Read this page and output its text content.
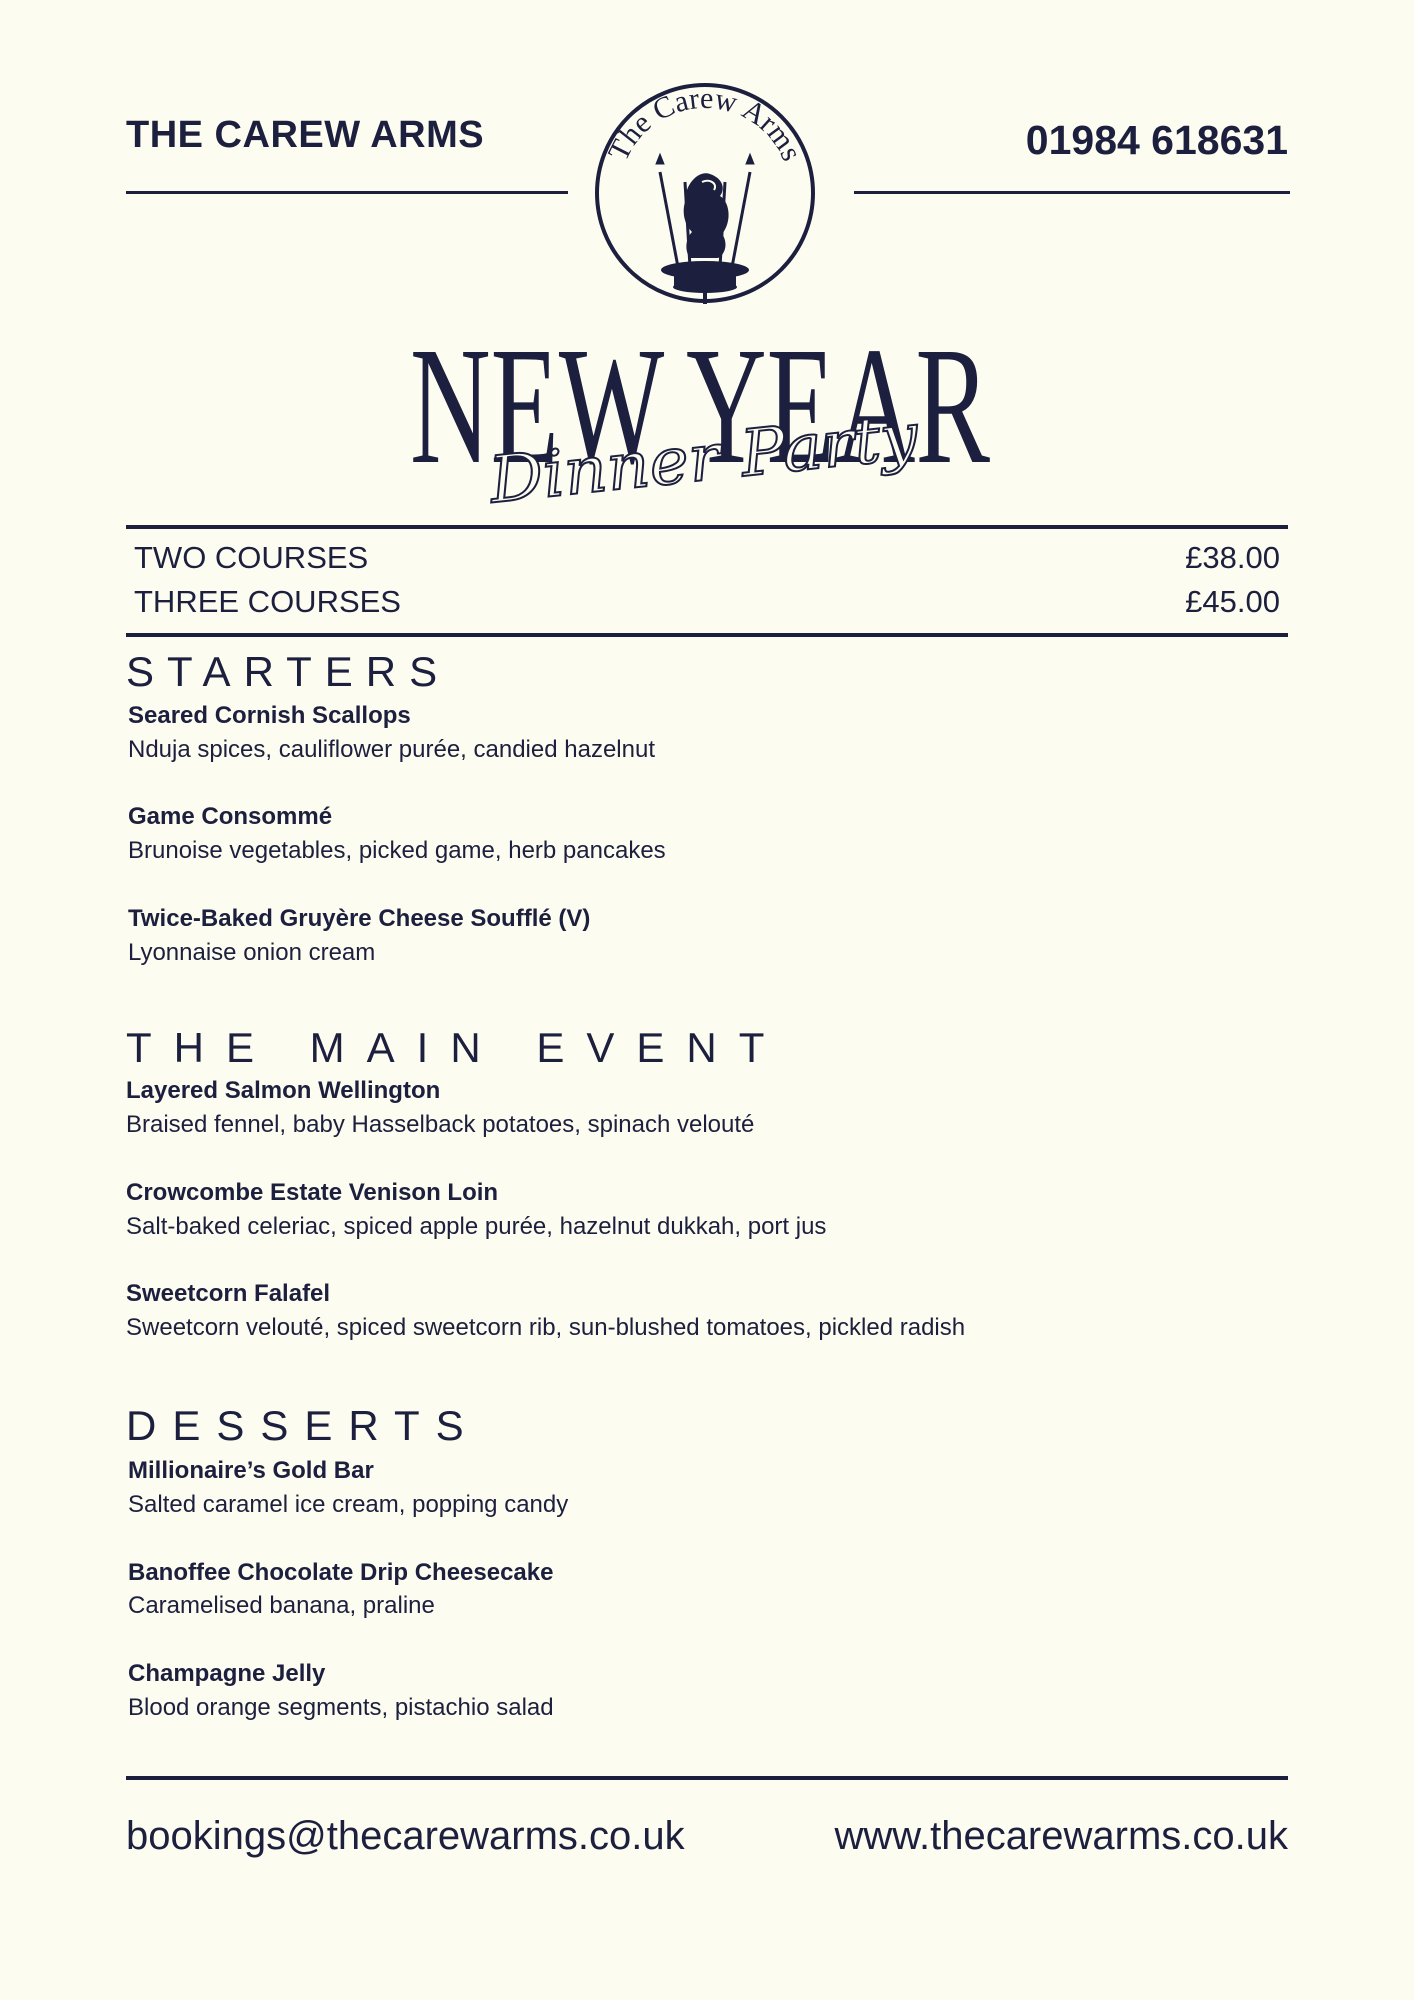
THE CAREW ARMS	01984 618631
The Carew Arms
NEW YEAR
Dinner Party
TWO COURSES	£38.00
THREE COURSES	£45.00
STARTERS
Seared Cornish Scallops
Nduja spices, cauliflower purée, candied hazelnut
Game Consommé
Brunoise vegetables, picked game, herb pancakes
Twice-Baked Gruyère Cheese Soufflé (V)
Lyonnaise onion cream
THE MAIN EVENT
Layered Salmon Wellington
Braised fennel, baby Hasselback potatoes, spinach velouté
Crowcombe Estate Venison Loin
Salt-baked celeriac, spiced apple purée, hazelnut dukkah, port jus
Sweetcorn Falafel
Sweetcorn velouté, spiced sweetcorn rib, sun-blushed tomatoes, pickled radish
DESSERTS
Millionaire’s Gold Bar
Salted caramel ice cream, popping candy
Banoffee Chocolate Drip Cheesecake
Caramelised banana, praline
Champagne Jelly
Blood orange segments, pistachio salad
bookings@thecarewarms.co.uk	www.thecarewarms.co.uk
